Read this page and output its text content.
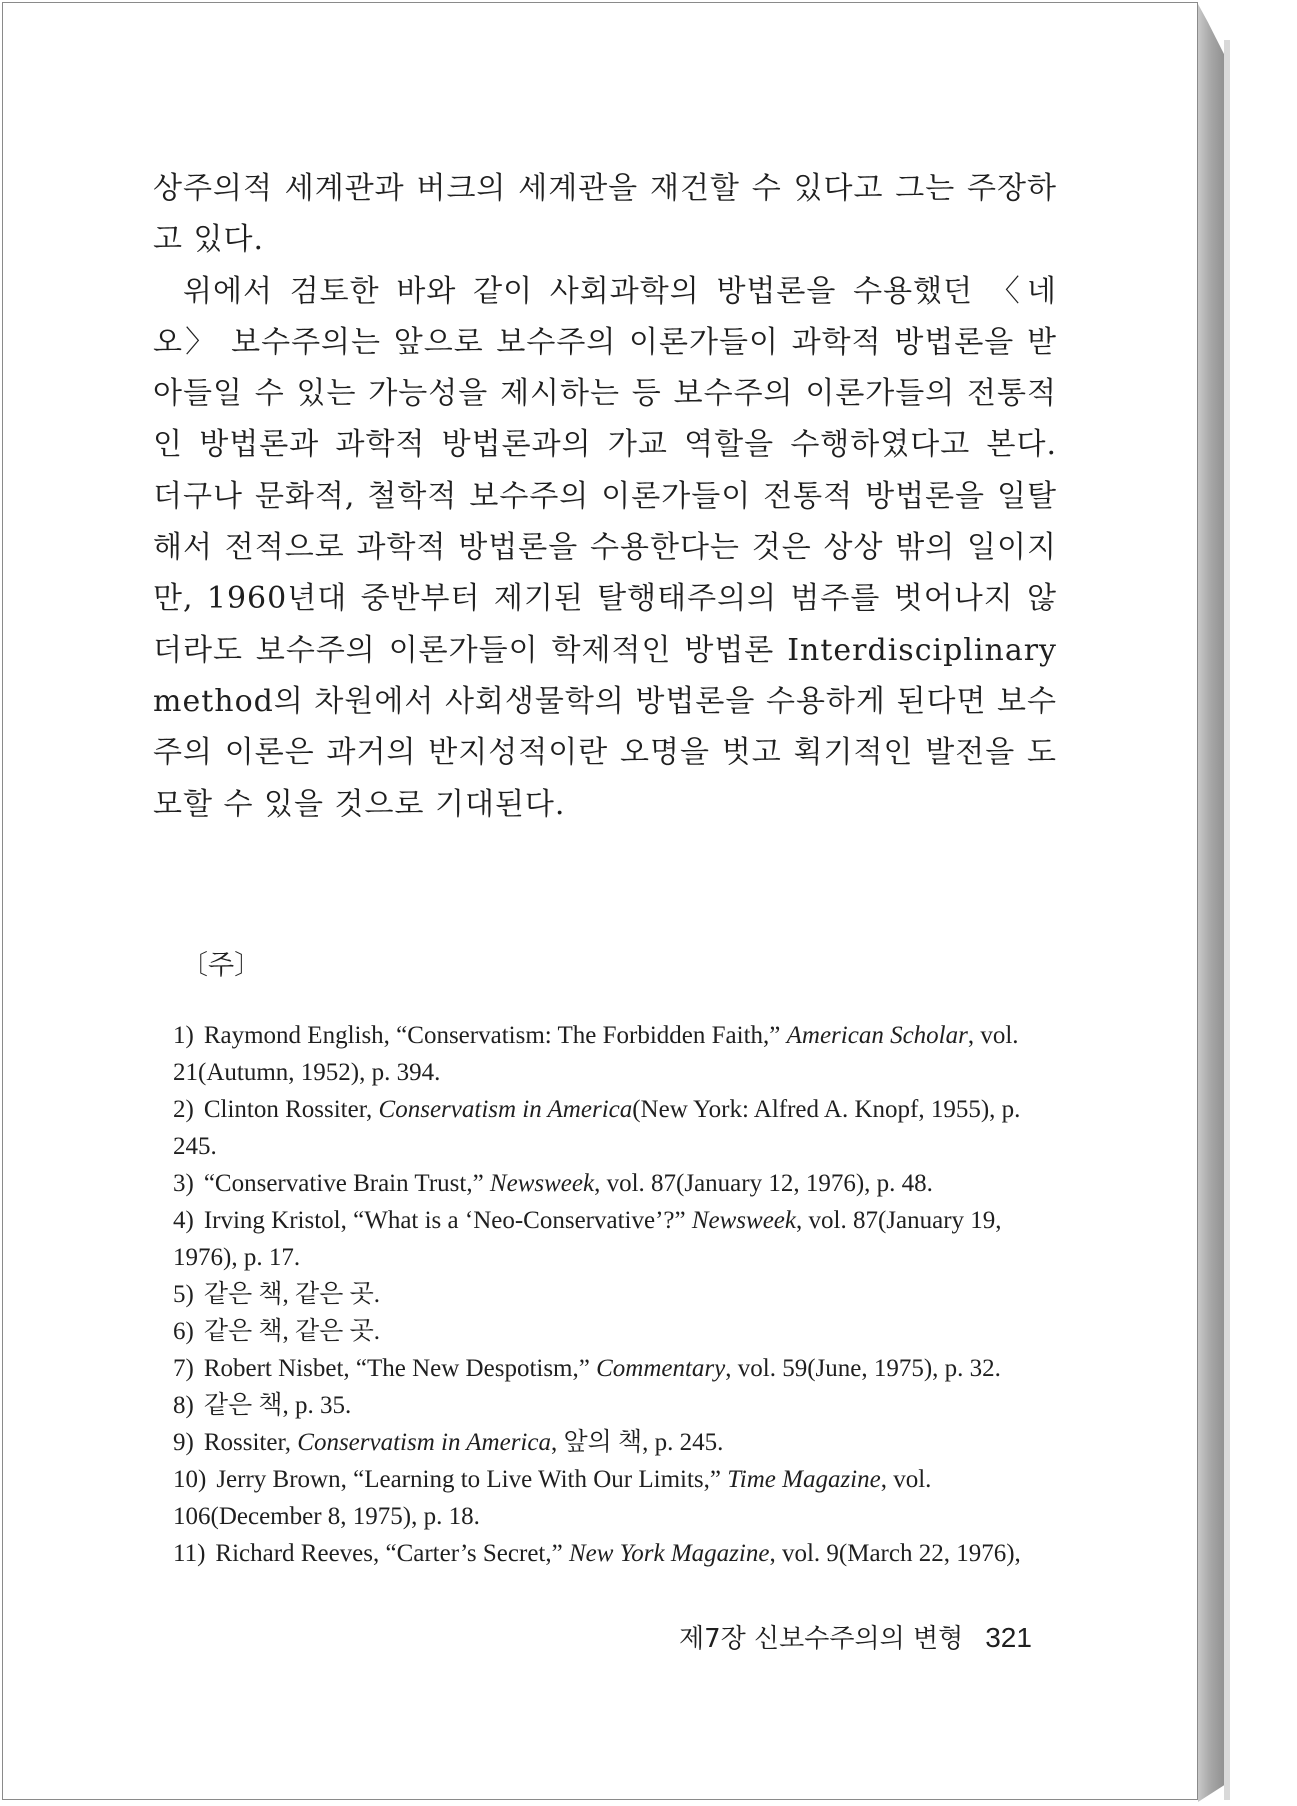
상주의적 세계관과 버크의 세계관을 재건할 수 있다고 그는 주장하고 있다.

위에서 검토한 바와 같이 사회과학의 방법론을 수용했던 〈네오〉 보수주의는 앞으로 보수주의 이론가들이 과학적 방법론을 받아들일 수 있는 가능성을 제시하는 등 보수주의 이론가들의 전통적인 방법론과 과학적 방법론과의 가교 역할을 수행하였다고 본다. 더구나 문화적, 철학적 보수주의 이론가들이 전통적 방법론을 일탈해서 전적으로 과학적 방법론을 수용한다는 것은 상상 밖의 일이지만, 1960년대 중반부터 제기된 탈행태주의의 범주를 벗어나지 않더라도 보수주의 이론가들이 학제적인 방법론 Interdisciplinary method의 차원에서 사회생물학의 방법론을 수용하게 된다면 보수주의 이론은 과거의 반지성적이란 오명을 벗고 획기적인 발전을 도모할 수 있을 것으로 기대된다.

〔주〕

1) Raymond English, “Conservatism: The Forbidden Faith,” American Scholar, vol. 21(Autumn, 1952), p. 394.
2) Clinton Rossiter, Conservatism in America(New York: Alfred A. Knopf, 1955), p. 245.
3) “Conservative Brain Trust,” Newsweek, vol. 87(January 12, 1976), p. 48.
4) Irving Kristol, “What is a ‘Neo-Conservative’?” Newsweek, vol. 87(January 19, 1976), p. 17.
5) 같은 책, 같은 곳.
6) 같은 책, 같은 곳.
7) Robert Nisbet, “The New Despotism,” Commentary, vol. 59(June, 1975), p. 32.
8) 같은 책, p. 35.
9) Rossiter, Conservatism in America, 앞의 책, p. 245.
10) Jerry Brown, “Learning to Live With Our Limits,” Time Magazine, vol. 106(December 8, 1975), p. 18.
11) Richard Reeves, “Carter’s Secret,” New York Magazine, vol. 9(March 22, 1976),
제7장 신보수주의의 변형 321
